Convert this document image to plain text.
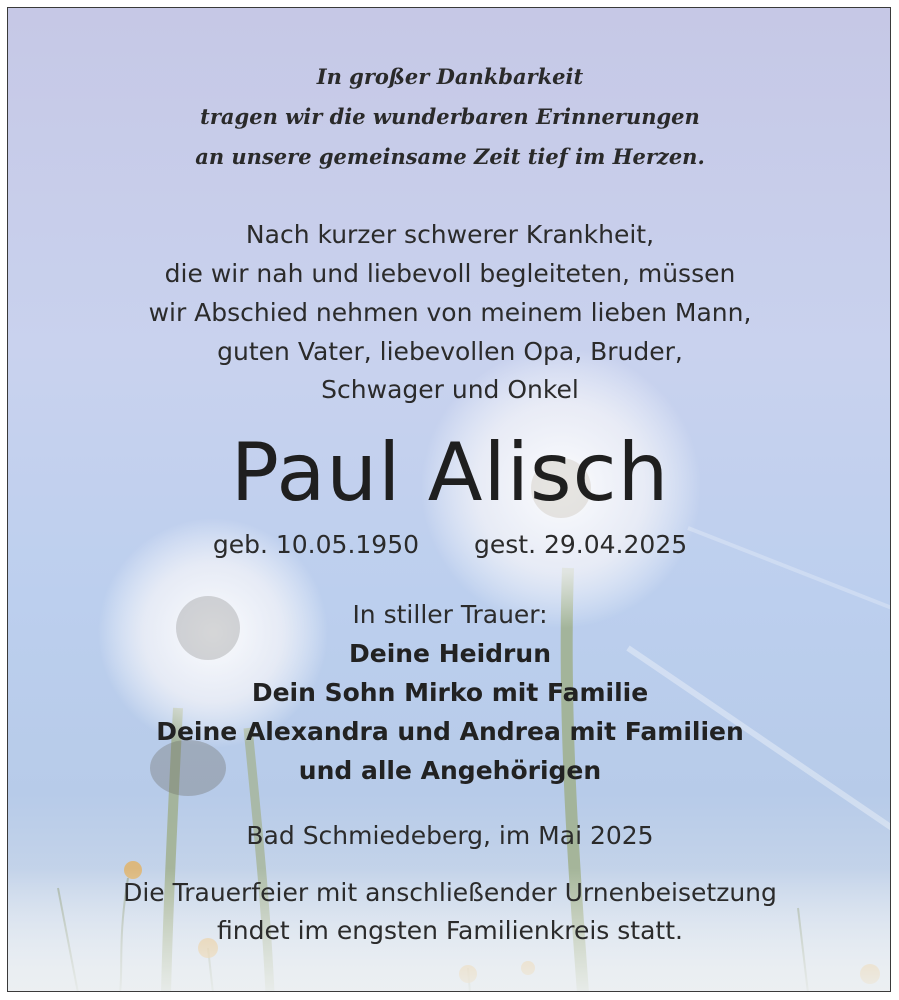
In großer Dankbarkeit
tragen wir die wunderbaren Erinnerungen
an unsere gemeinsame Zeit tief im Herzen.
Nach kurzer schwerer Krankheit,
die wir nah und liebevoll begleiteten, müssen
wir Abschied nehmen von meinem lieben Mann,
guten Vater, liebevollen Opa, Bruder,
Schwager und Onkel
Paul Alisch
geb. 10.05.1950 gest. 29.04.2025
In stiller Trauer:
Deine Heidrun
Dein Sohn Mirko mit Familie
Deine Alexandra und Andrea mit Familien
und alle Angehörigen
Bad Schmiedeberg, im Mai 2025
Die Trauerfeier mit anschließender Urnenbeisetzung
findet im engsten Familienkreis statt.
